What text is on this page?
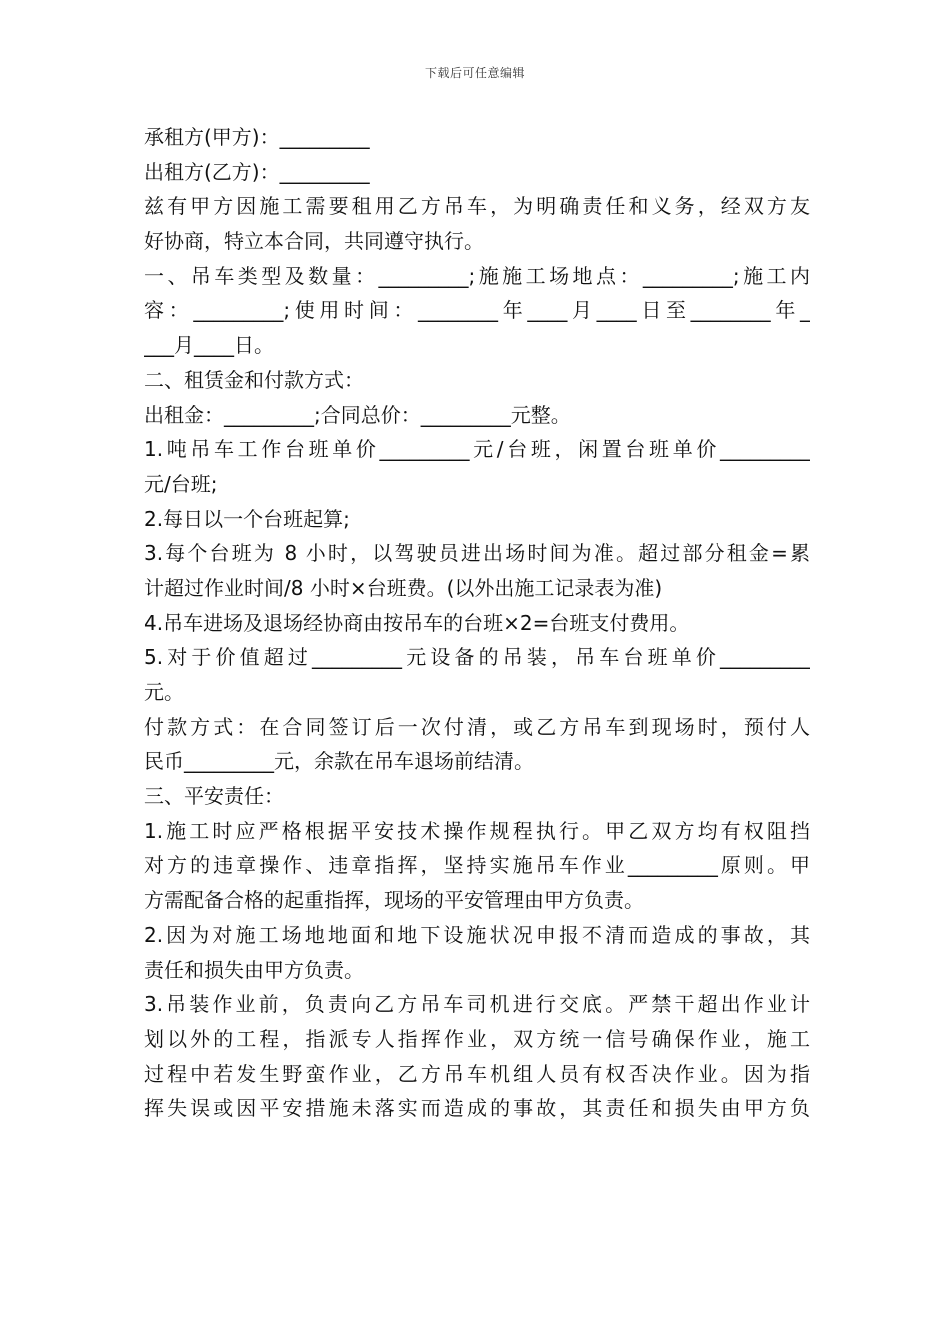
下载后可任意编辑
承租方(甲方)：_________
出租方(乙方)：_________
兹有甲方因施工需要租用乙方吊车，为明确责任和义务，经双方友
好协商，特立本合同，共同遵守执行。
一、吊车类型及数量：_________;施施工场地点：_________;施工内
容：_________;使用时间：________年____月____日至________年_
___月____日。
二、租赁金和付款方式：
出租金：_________;合同总价：_________元整。
1.吨吊车工作台班单价_________元/台班，闲置台班单价_________
元/台班;
2.每日以一个台班起算;
3.每个台班为 8 小时，以驾驶员进出场时间为准。超过部分租金=累
计超过作业时间/8 小时×台班费。(以外出施工记录表为准)
4.吊车进场及退场经协商由按吊车的台班×2=台班支付费用。
5.对于价值超过_________元设备的吊装，吊车台班单价_________
元。
付款方式：在合同签订后一次付清，或乙方吊车到现场时，预付人
民币_________元，余款在吊车退场前结清。
三、平安责任：
1.施工时应严格根据平安技术操作规程执行。甲乙双方均有权阻挡
对方的违章操作、违章指挥，坚持实施吊车作业_________原则。甲
方需配备合格的起重指挥，现场的平安管理由甲方负责。
2.因为对施工场地地面和地下设施状况申报不清而造成的事故，其
责任和损失由甲方负责。
3.吊装作业前，负责向乙方吊车司机进行交底。严禁干超出作业计
划以外的工程，指派专人指挥作业，双方统一信号确保作业，施工
过程中若发生野蛮作业，乙方吊车机组人员有权否决作业。因为指
挥失误或因平安措施未落实而造成的事故，其责任和损失由甲方负
